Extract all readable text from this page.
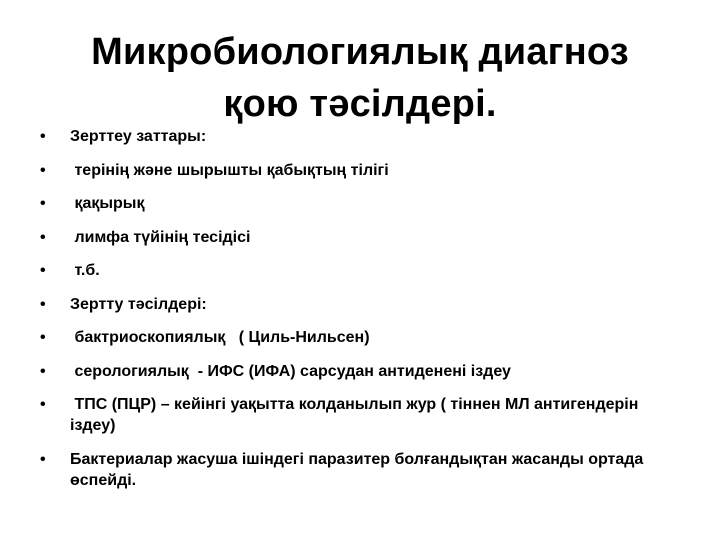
Микробиологиялық диагноз
қою тәсілдері.
• Зерттеу заттары:
• терінің және шырышты қабықтың тілігі
• қақырық
• лимфа түйінің тесідісі
• т.б.
• Зертту тәсілдері:
• бактриоскопиялық   ( Циль-Нильсен)
• серологиялық  - ИФС (ИФА) сарсудан антиденені іздеу
• ТПС (ПЦР) – кейінгі уақытта колданылып жур ( тіннен МЛ антигендерін іздеу)
• Бактериалар жасуша ішіндегі паразитер болғандықтан жасанды ортада өспейді.
